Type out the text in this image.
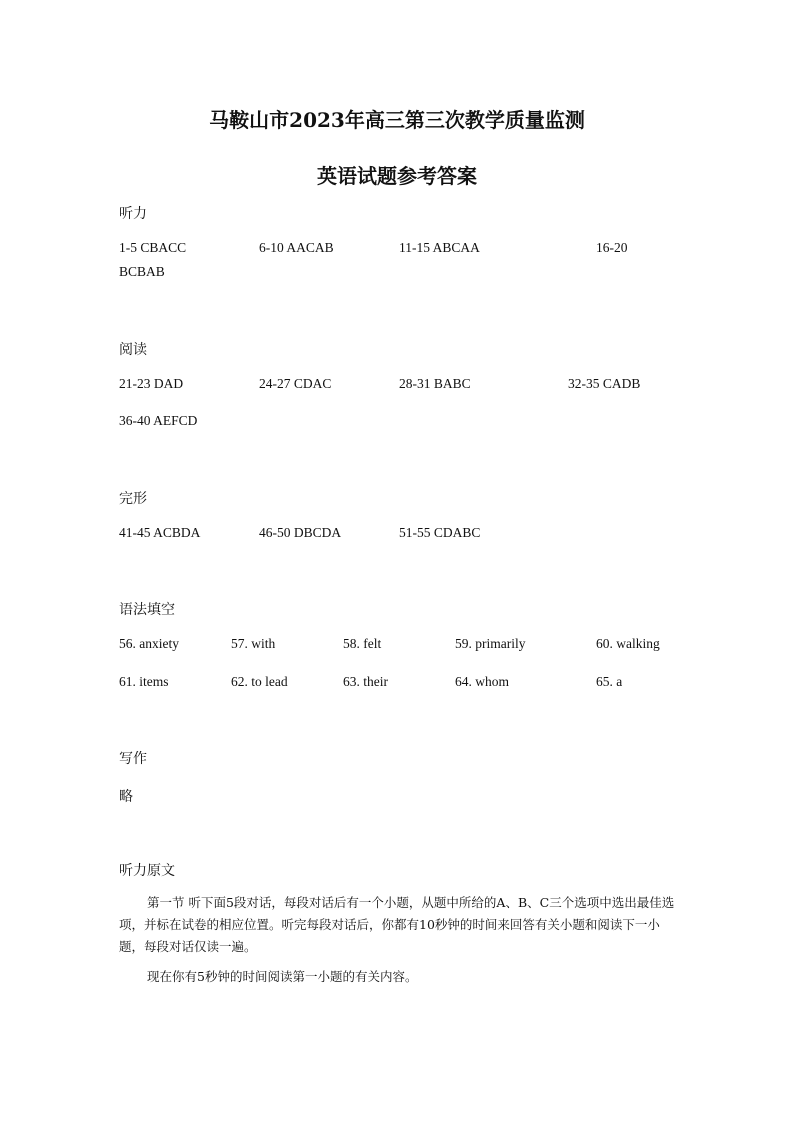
马鞍山市2023年高三第三次教学质量监测
英语试题参考答案
听力
1-5 CBACC	6-10 AACAB	11-15 ABCAA	16-20
BCBAB
阅读
21-23 DAD	24-27 CDAC	28-31 BABC	32-35 CADB
36-40 AEFCD
完形
41-45 ACBDA	46-50 DBCDA	51-55 CDABC
语法填空
56. anxiety	57. with	58. felt	59. primarily	60. walking
61. items	62. to lead	63. their	64. whom	65. a
写作
略
听力原文
第一节 听下面5段对话，每段对话后有一个小题，从题中所给的A、B、C三个选项中选出最佳选项，并标在试卷的相应位置。听完每段对话后，你都有10秒钟的时间来回答有关小题和阅读下一小题，每段对话仅读一遍。
现在你有5秒钟的时间阅读第一小题的有关内容。
